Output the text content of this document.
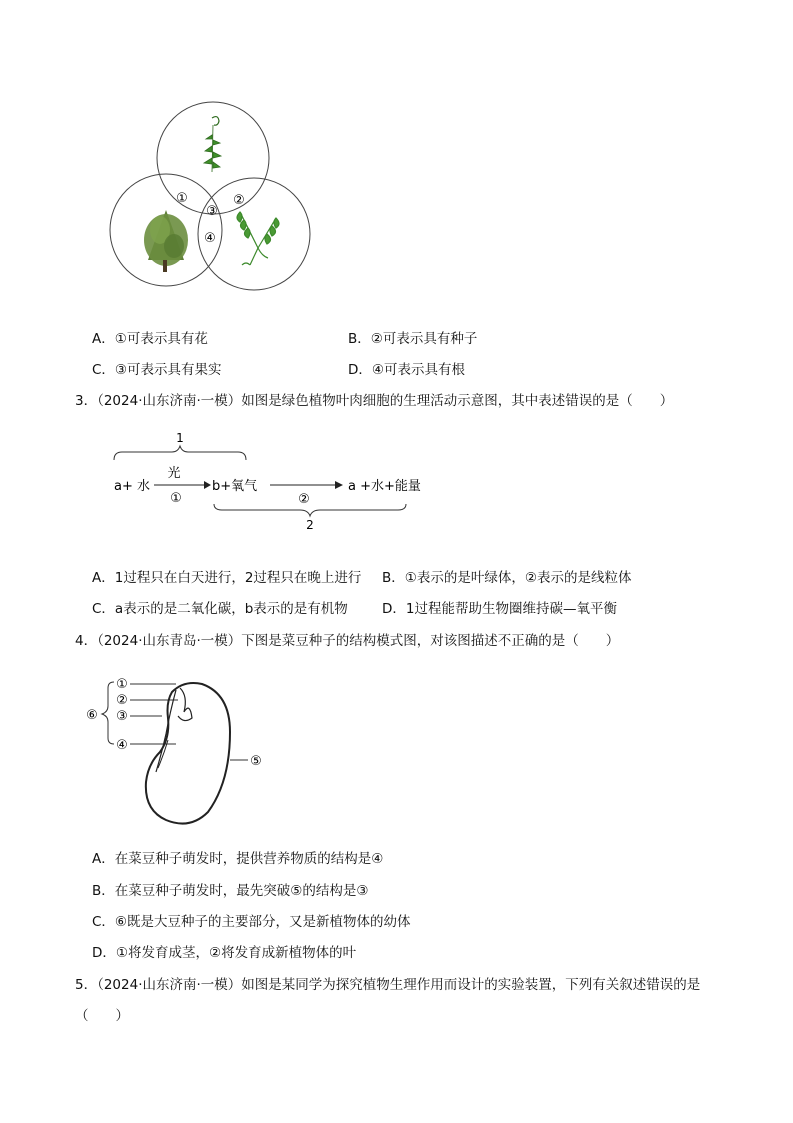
①	②
③
④
A．①可表示具有花	B．②可表示具有种子
C．③可表示具有果实	D．④可表示具有根
3．（2024·山东济南·一模）如图是绿色植物叶肉细胞的生理活动示意图，其中表述错误的是（　　）
1
a+ 水
光
①
b+氧气
②
a +水+能量
2
A．1过程只在白天进行，2过程只在晚上进行 B．①表示的是叶绿体，②表示的是线粒体
C．a表示的是二氧化碳，b表示的是有机物	D．1过程能帮助生物圈维持碳—氧平衡
4．（2024·山东青岛·一模）下图是菜豆种子的结构模式图，对该图描述不正确的是（　　）
⑥
①
②
③
④
⑤
A．在菜豆种子萌发时，提供营养物质的结构是④
B．在菜豆种子萌发时，最先突破⑤的结构是③
C．⑥既是大豆种子的主要部分，又是新植物体的幼体
D．①将发育成茎，②将发育成新植物体的叶
5．（2024·山东济南·一模）如图是某同学为探究植物生理作用而设计的实验装置，下列有关叙述错误的是
（　　）
